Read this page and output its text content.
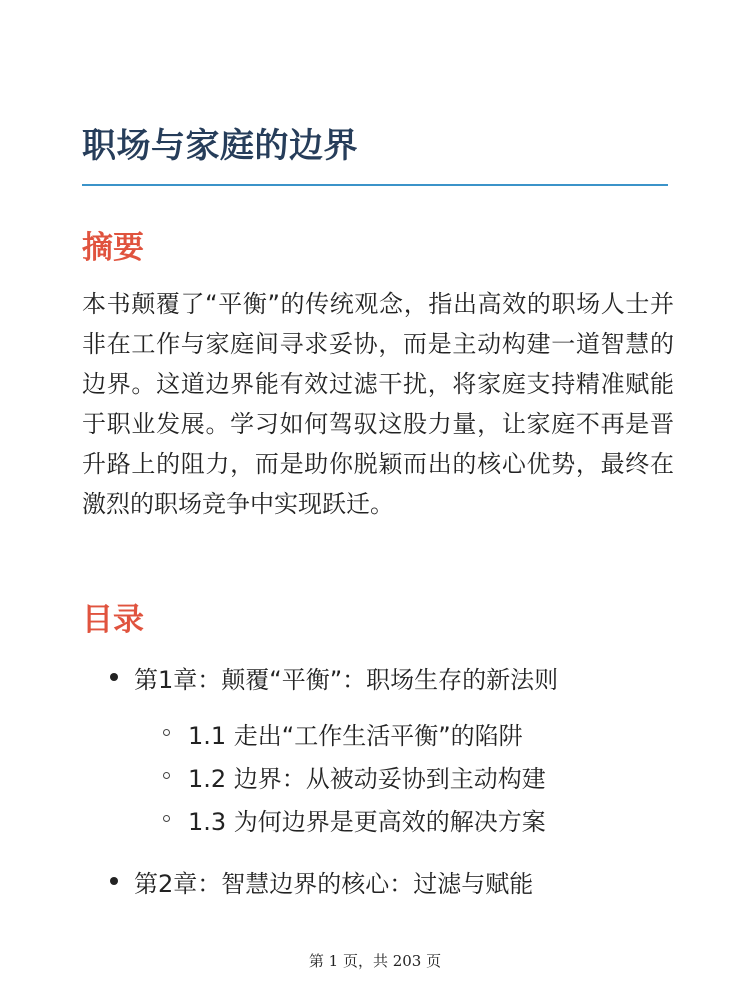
职场与家庭的边界
摘要

本书颠覆了“平衡”的传统观念，指出高效的职场人士并非在工作与家庭间寻求妥协，而是主动构建一道智慧的边界。这道边界能有效过滤干扰，将家庭支持精准赋能于职业发展。学习如何驾驭这股力量，让家庭不再是晋升路上的阻力，而是助你脱颖而出的核心优势，最终在激烈的职场竞争中实现跃迁。

目录
第1章：颠覆“平衡”：职场生存的新法则
1.1 走出“工作生活平衡”的陷阱
1.2 边界：从被动妥协到主动构建
1.3 为何边界是更高效的解决方案
第2章：智慧边界的核心：过滤与赋能
第 1 页，共 203 页
